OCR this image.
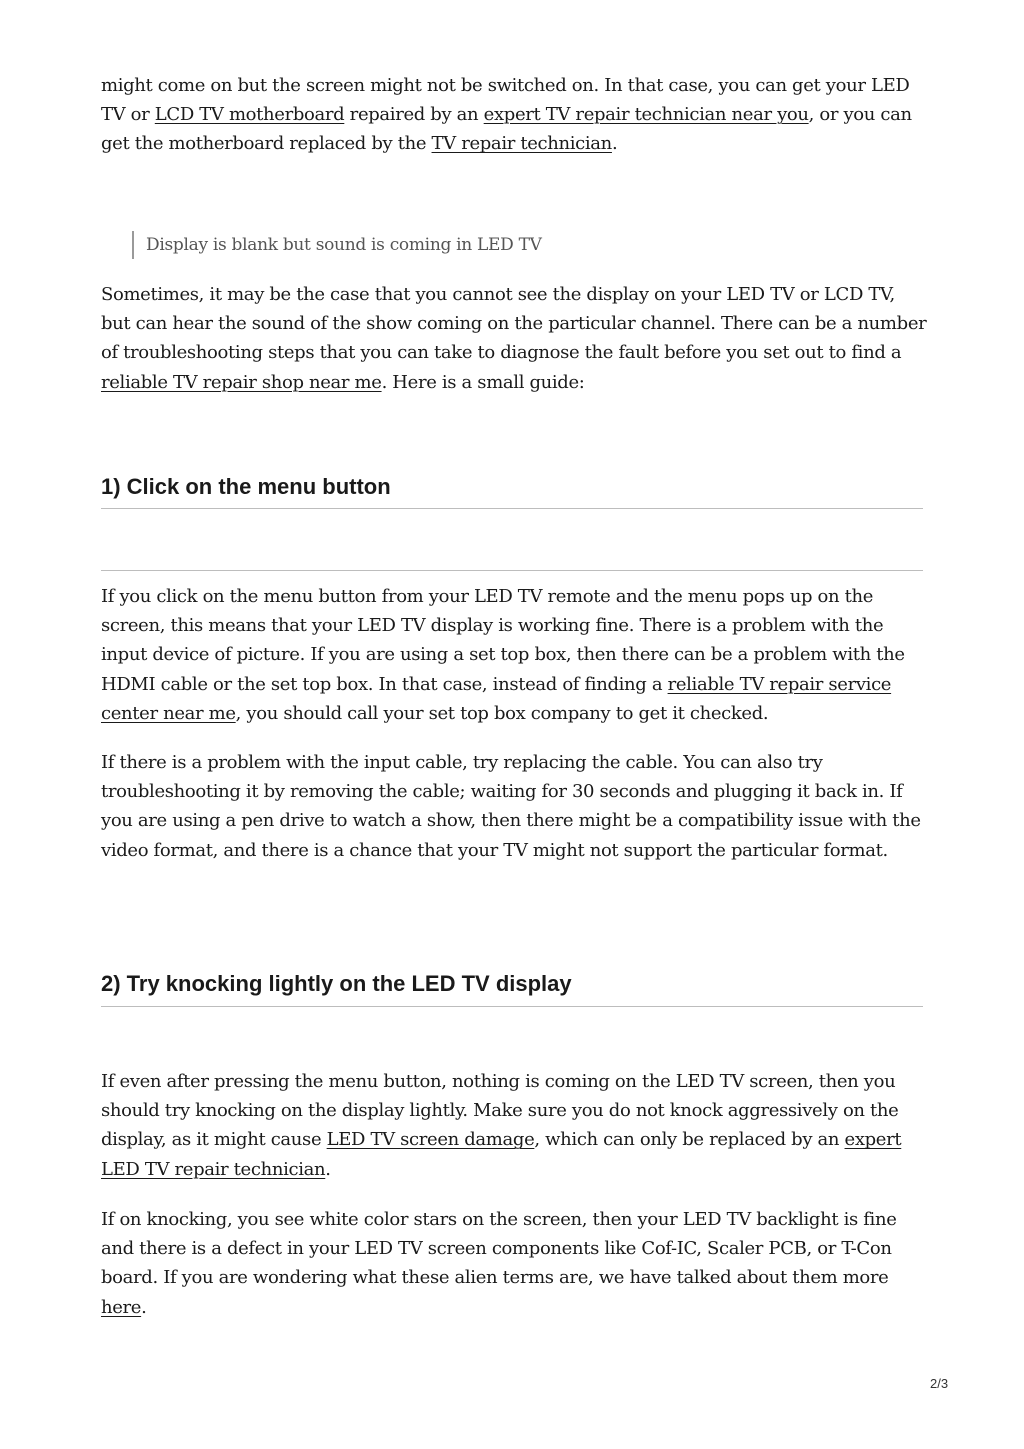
might come on but the screen might not be switched on. In that case, you can get your LED TV or LCD TV motherboard repaired by an expert TV repair technician near you, or you can get the motherboard replaced by the TV repair technician.

Display is blank but sound is coming in LED TV

Sometimes, it may be the case that you cannot see the display on your LED TV or LCD TV, but can hear the sound of the show coming on the particular channel. There can be a number of troubleshooting steps that you can take to diagnose the fault before you set out to find a reliable TV repair shop near me. Here is a small guide:

1) Click on the menu button

If you click on the menu button from your LED TV remote and the menu pops up on the screen, this means that your LED TV display is working fine. There is a problem with the input device of picture. If you are using a set top box, then there can be a problem with the HDMI cable or the set top box. In that case, instead of finding a reliable TV repair service center near me, you should call your set top box company to get it checked.

If there is a problem with the input cable, try replacing the cable. You can also try troubleshooting it by removing the cable; waiting for 30 seconds and plugging it back in. If you are using a pen drive to watch a show, then there might be a compatibility issue with the video format, and there is a chance that your TV might not support the particular format.

2) Try knocking lightly on the LED TV display

If even after pressing the menu button, nothing is coming on the LED TV screen, then you should try knocking on the display lightly. Make sure you do not knock aggressively on the display, as it might cause LED TV screen damage, which can only be replaced by an expert LED TV repair technician.

If on knocking, you see white color stars on the screen, then your LED TV backlight is fine and there is a defect in your LED TV screen components like Cof-IC, Scaler PCB, or T-Con board. If you are wondering what these alien terms are, we have talked about them more here.

2/3
